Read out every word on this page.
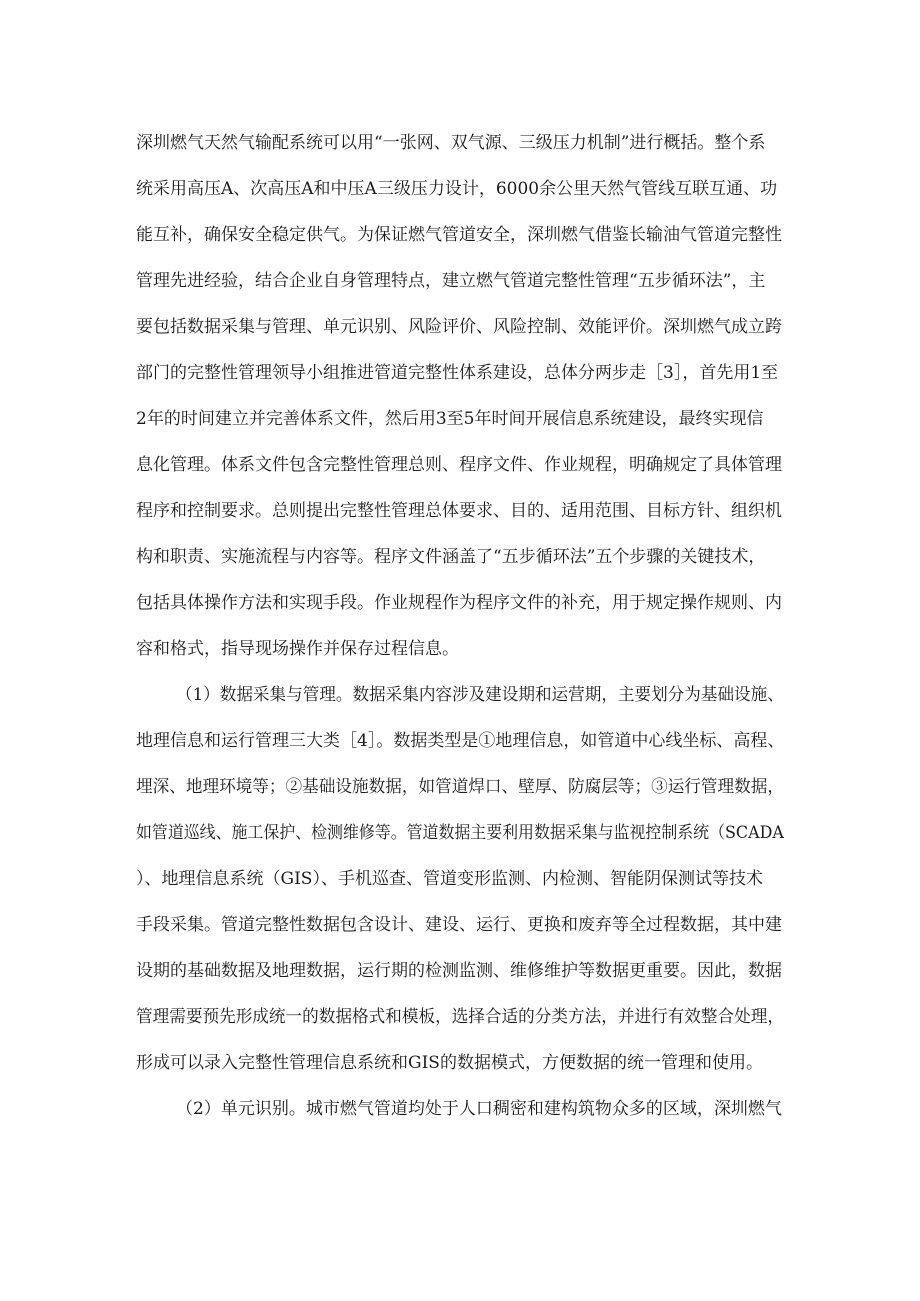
深圳燃气天然气输配系统可以用“一张网、双气源、三级压力机制”进行概括。整个系
统采用高压A、次高压A和中压A三级压力设计，6000余公里天然气管线互联互通、功
能互补，确保安全稳定供气。为保证燃气管道安全，深圳燃气借鉴长输油气管道完整性
管理先进经验，结合企业自身管理特点，建立燃气管道完整性管理“五步循环法”，主
要包括数据采集与管理、单元识别、风险评价、风险控制、效能评价。深圳燃气成立跨
部门的完整性管理领导小组推进管道完整性体系建设，总体分两步走［3］，首先用1至
2年的时间建立并完善体系文件，然后用3至5年时间开展信息系统建设，最终实现信
息化管理。体系文件包含完整性管理总则、程序文件、作业规程，明确规定了具体管理
程序和控制要求。总则提出完整性管理总体要求、目的、适用范围、目标方针、组织机
构和职责、实施流程与内容等。程序文件涵盖了“五步循环法”五个步骤的关键技术，
包括具体操作方法和实现手段。作业规程作为程序文件的补充，用于规定操作规则、内
容和格式，指导现场操作并保存过程信息。
（1）数据采集与管理。数据采集内容涉及建设期和运营期，主要划分为基础设施、
地理信息和运行管理三大类［4］。数据类型是①地理信息，如管道中心线坐标、高程、
埋深、地理环境等；②基础设施数据，如管道焊口、壁厚、防腐层等；③运行管理数据，
如管道巡线、施工保护、检测维修等。管道数据主要利用数据采集与监视控制系统（SCADA
）、地理信息系统（GIS）、手机巡查、管道变形监测、内检测、智能阴保测试等技术
手段采集。管道完整性数据包含设计、建设、运行、更换和废弃等全过程数据，其中建
设期的基础数据及地理数据，运行期的检测监测、维修维护等数据更重要。因此，数据
管理需要预先形成统一的数据格式和模板，选择合适的分类方法，并进行有效整合处理，
形成可以录入完整性管理信息系统和GIS的数据模式，方便数据的统一管理和使用。
（2）单元识别。城市燃气管道均处于人口稠密和建构筑物众多的区域，深圳燃气
